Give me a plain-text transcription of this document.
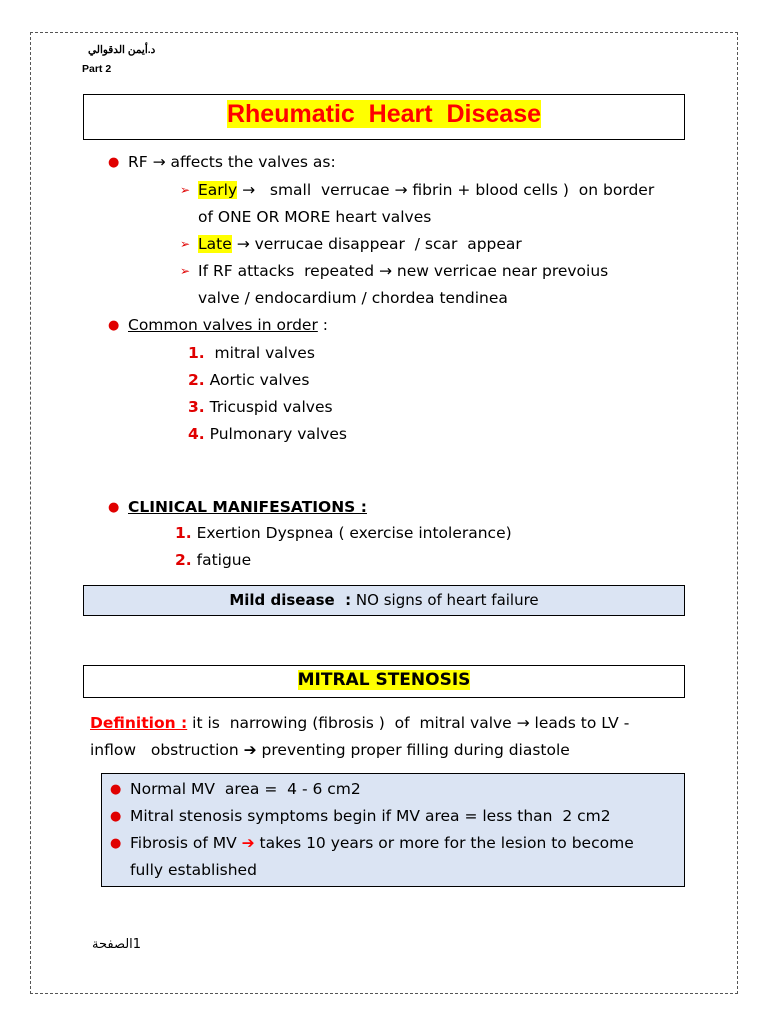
د.أيمن الدقوالي
Part 2
Rheumatic  Heart  Disease
● RF → affects the valves as:
➢ Early →   small  verrucae → fibrin + blood cells )  on border
of ONE OR MORE heart valves
➢ Late → verrucae disappear  / scar  appear
➢ If RF attacks  repeated → new verricae near prevoius
valve / endocardium / chordea tendinea
● Common valves in order :
1.  mitral valves
2. Aortic valves
3. Tricuspid valves
4. Pulmonary valves
● CLINICAL MANIFESATIONS :
1. Exertion Dyspnea ( exercise intolerance)
2. fatigue
Mild disease  : NO signs of heart failure
MITRAL STENOSIS
Definition : it is  narrowing (fibrosis )  of  mitral valve → leads to LV -
inflow   obstruction ➔ preventing proper filling during diastole
● Normal MV  area =  4 - 6 cm2
● Mitral stenosis symptoms begin if MV area = less than  2 cm2
● Fibrosis of MV ➔ takes 10 years or more for the lesion to become
fully established
1الصفحة
